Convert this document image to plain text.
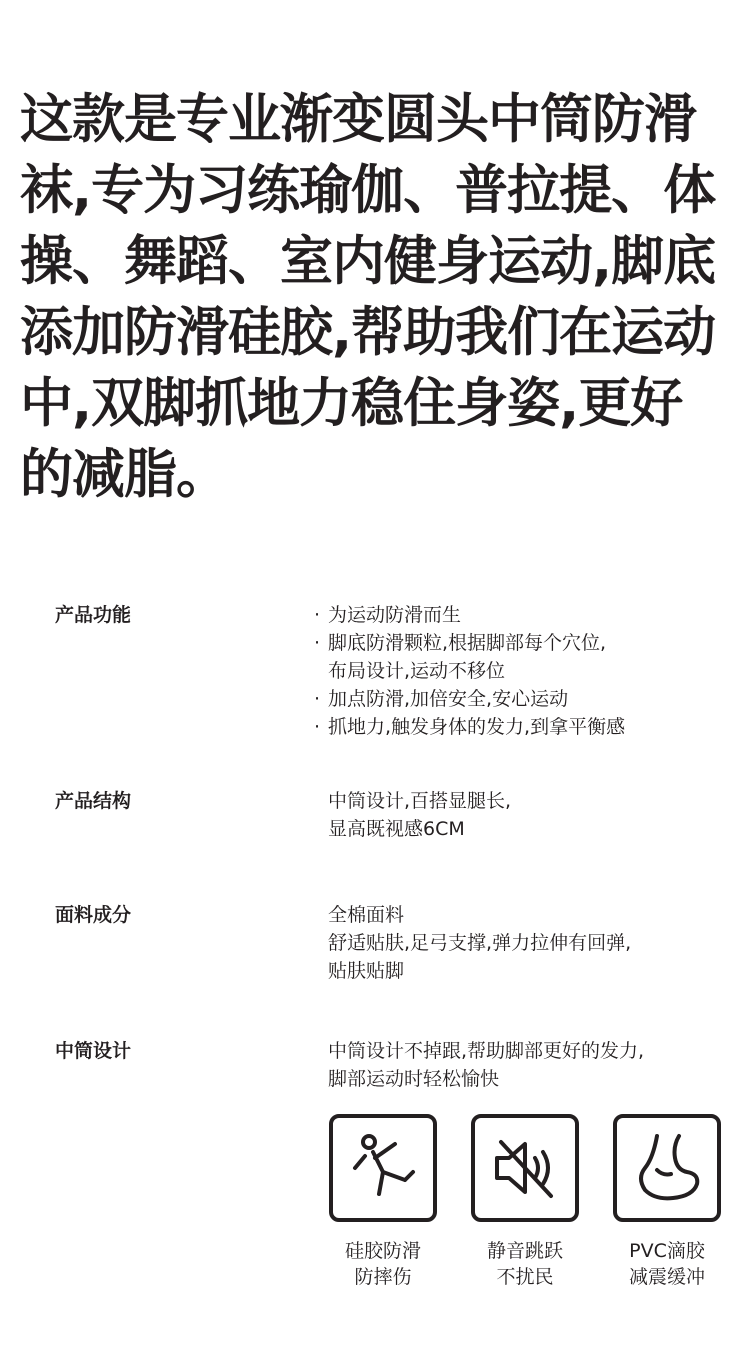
这款是专业渐变圆头中筒防滑袜,专为习练瑜伽、普拉提、体操、舞蹈、室内健身运动,脚底添加防滑硅胶,帮助我们在运动中,双脚抓地力稳住身姿,更好的减脂。

产品功能
·	为运动防滑而生
· 脚底防滑颗粒,根据脚部每个穴位,
布局设计,运动不移位
· 加点防滑,加倍安全,安心运动
· 抓地力,触发身体的发力,到拿平衡感
产品结构	中筒设计,百搭显腿长,
显高既视感6CM
面料成分	全棉面料
舒适贴肤,足弓支撑,弹力拉伸有回弹,
贴肤贴脚
中筒设计	中筒设计不掉跟,帮助脚部更好的发力,
脚部运动时轻松愉快
硅胶防滑
防摔伤
静音跳跃
不扰民
PVC滴胶
减震缓冲
